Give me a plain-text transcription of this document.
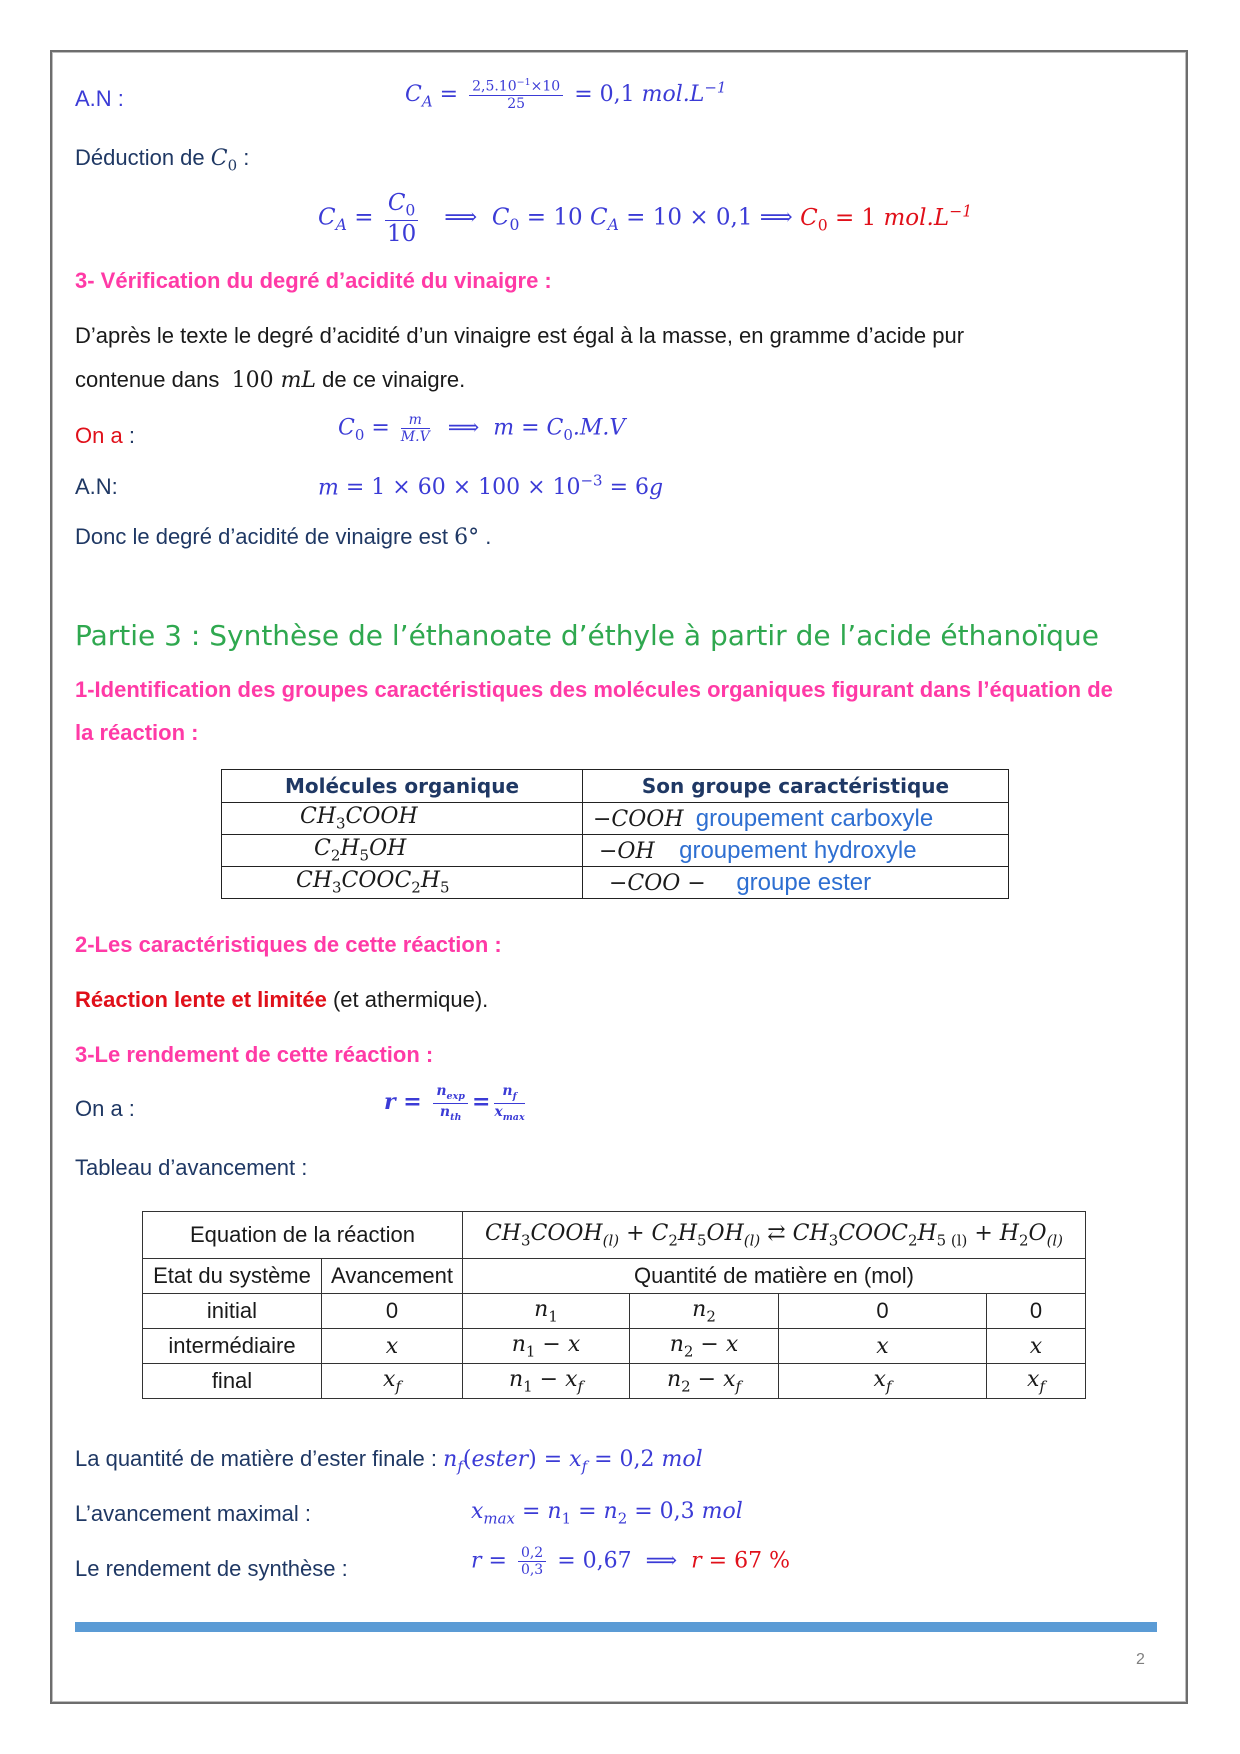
A.N :	$C_A = \frac{2,5.10^{-1}\times 10}{25} = 0,1$ $mol.L^{-1}$
Déduction de $C_0$ :
$C_A = \frac{C_0}{10}$ ⟹  $C_0 = 10$ $C_A = 10 \times 0,1$ ⟹ $C_0 = 1$ $mol.L^{-1}$
3- Vérification du degré d’acidité du vinaigre :
D’après le texte le degré d’acidité d’un vinaigre est égal à la masse, en gramme d’acide pur
contenue dans 100 mL de ce vinaigre.
On a :	$C_0 = \frac{m}{M.V}$ ⟹  $m = C_0.M.V$
A.N:	$m = 1 \times 60 \times 100 \times 10^{-3} = 6g$
Donc le degré d’acidité de vinaigre est 6° .
Partie 3 : Synthèse de l’éthanoate d’éthyle à partir de l’acide éthanoïque
1-Identification des groupes caractéristiques des molécules organiques figurant dans l’équation de
la réaction :
Molécules organique	Son groupe caractéristique
$CH_3COOH$	−COOH groupement carboxyle
$C_2H_5OH$	−OH groupement hydroxyle
$CH_3COOC_2H_5$	−COO − groupe ester
2-Les caractéristiques de cette réaction :
Réaction lente et limitée (et athermique).
3-Le rendement de cette réaction :
On a :	$r = \frac{n_{exp}}{n_{th}} = \frac{n_f}{x_{max}}$
Tableau d’avancement :
Equation de la réaction		$CH_3COOH_{(l)} + C_2H_5OH_{(l)}$ ⇄ $CH_3COOC_2H_{5 (l)} + H_2O_{(l)}$
Etat du système	Avancement	Quantité de matière en (mol)			
initial	0	$n_1$	$n_2$	0	0
intermédiaire	x	$n_1 - x$	$n_2 - x$	x	x
final	$x_f$	$n_1 - x_f$	$n_2 - x_f$	$x_f$	$x_f$
La quantité de matière d’ester finale : $n_f(ester) = x_f = 0,2$ mol
L’avancement maximal :	$x_{max} = n_1 = n_2 = 0,3$ mol
Le rendement de synthèse :	$r = \frac{0,2}{0,3} = 0,67$  ⟹  r = 67 %
2
